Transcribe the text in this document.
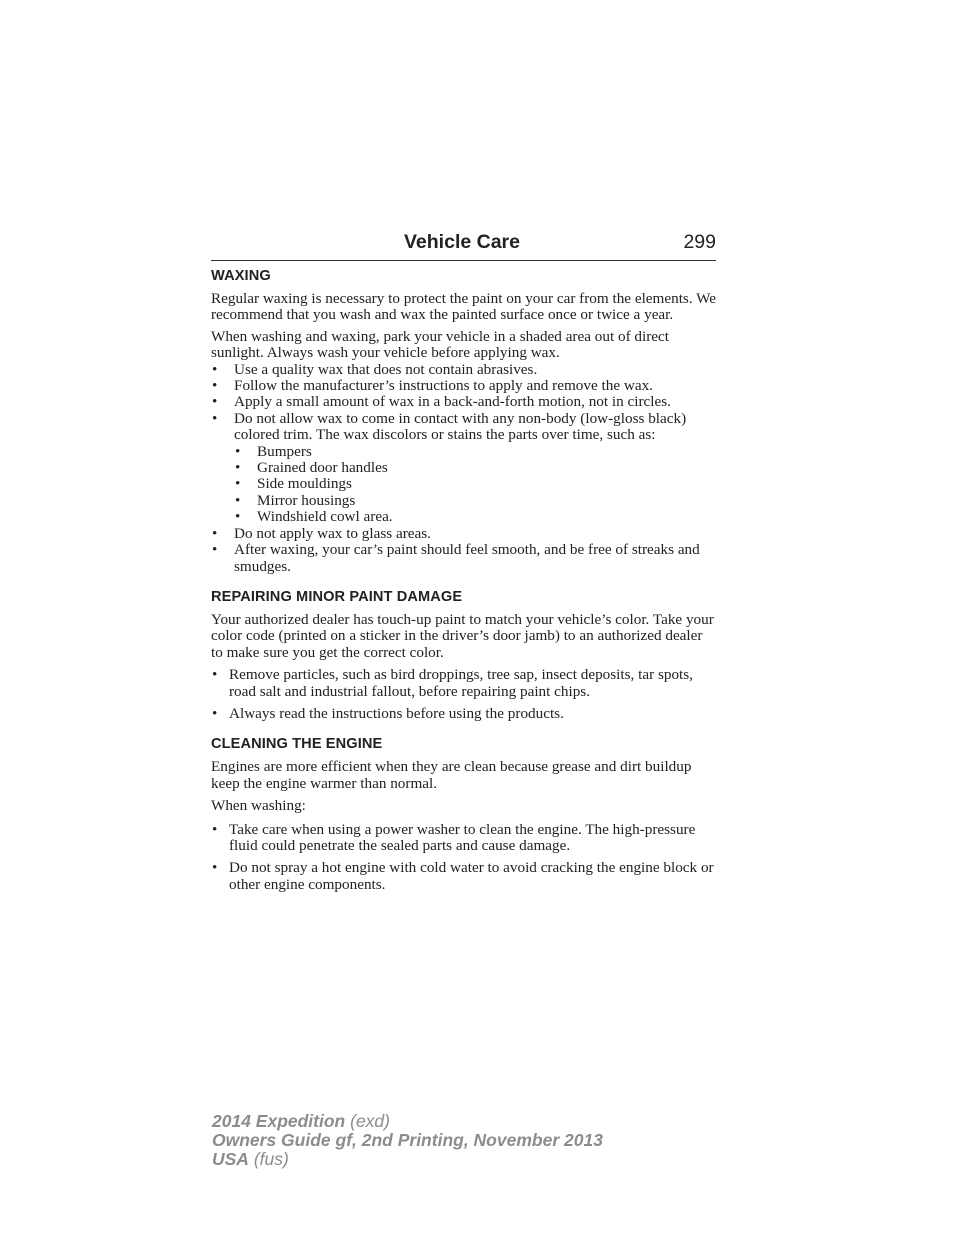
Vehicle Care	299
WAXING

Regular waxing is necessary to protect the paint on your car from the elements. We recommend that you wash and wax the painted surface once or twice a year.

When washing and waxing, park your vehicle in a shaded area out of direct sunlight. Always wash your vehicle before applying wax.

• Use a quality wax that does not contain abrasives.
• Follow the manufacturer’s instructions to apply and remove the wax.
• Apply a small amount of wax in a back-and-forth motion, not in circles.
• Do not allow wax to come in contact with any non-body (low-gloss black) colored trim. The wax discolors or stains the parts over time, such as:
• Bumpers
• Grained door handles
• Side mouldings
• Mirror housings
• Windshield cowl area.
• Do not apply wax to glass areas.
• After waxing, your car’s paint should feel smooth, and be free of streaks and smudges.
REPAIRING MINOR PAINT DAMAGE

Your authorized dealer has touch-up paint to match your vehicle’s color. Take your color code (printed on a sticker in the driver’s door jamb) to an authorized dealer to make sure you get the correct color.

• Remove particles, such as bird droppings, tree sap, insect deposits, tar spots, road salt and industrial fallout, before repairing paint chips.
• Always read the instructions before using the products.
CLEANING THE ENGINE

Engines are more efficient when they are clean because grease and dirt buildup keep the engine warmer than normal.

When washing:

• Take care when using a power washer to clean the engine. The high-pressure fluid could penetrate the sealed parts and cause damage.
• Do not spray a hot engine with cold water to avoid cracking the engine block or other engine components.
2014 Expedition (exd)
Owners Guide gf, 2nd Printing, November 2013
USA (fus)
